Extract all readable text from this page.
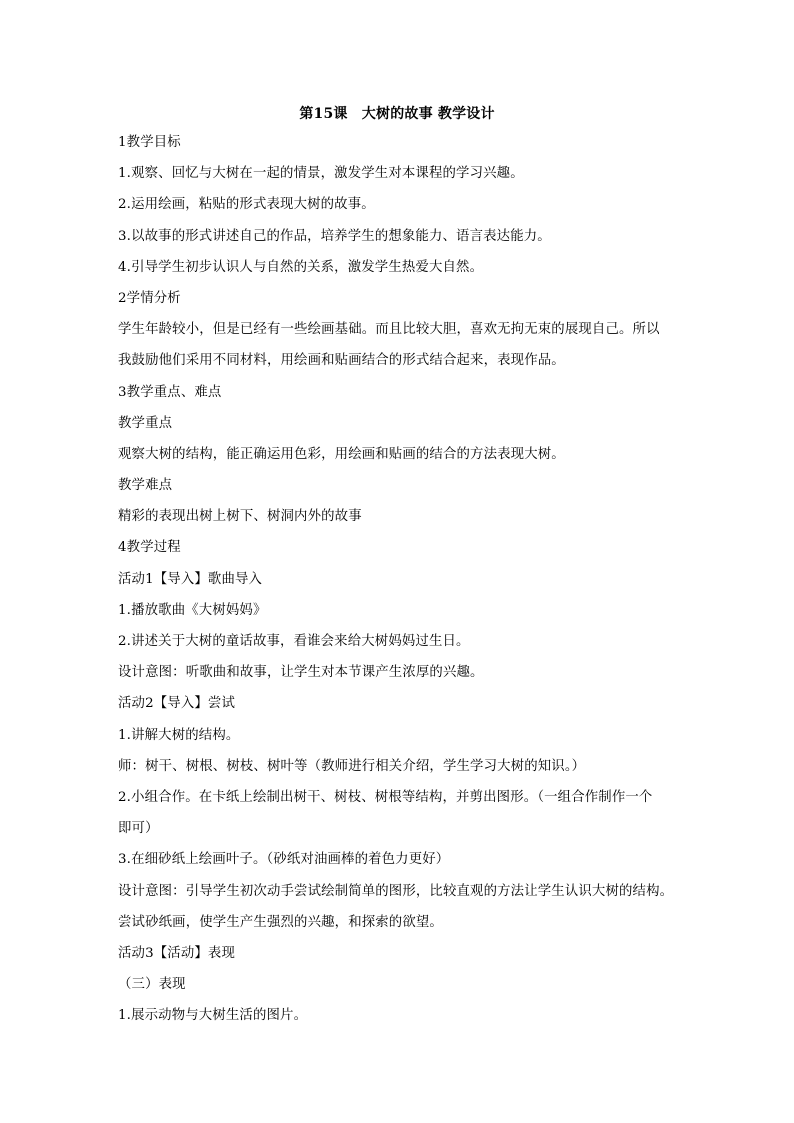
第15课　大树的故事 教学设计
1教学目标
1.观察、回忆与大树在一起的情景，激发学生对本课程的学习兴趣。
2.运用绘画，粘贴的形式表现大树的故事。
3.以故事的形式讲述自己的作品，培养学生的想象能力、语言表达能力。
4.引导学生初步认识人与自然的关系，激发学生热爱大自然。
2学情分析
学生年龄较小，但是已经有一些绘画基础。而且比较大胆，喜欢无拘无束的展现自己。所以
我鼓励他们采用不同材料，用绘画和贴画结合的形式结合起来，表现作品。
3教学重点、难点
教学重点
观察大树的结构，能正确运用色彩，用绘画和贴画的结合的方法表现大树。
教学难点
精彩的表现出树上树下、树洞内外的故事
4教学过程
活动1【导入】歌曲导入
1.播放歌曲《大树妈妈》
2.讲述关于大树的童话故事，看谁会来给大树妈妈过生日。
设计意图：听歌曲和故事，让学生对本节课产生浓厚的兴趣。
活动2【导入】尝试
1.讲解大树的结构。
师：树干、树根、树枝、树叶等（教师进行相关介绍，学生学习大树的知识。）
2.小组合作。在卡纸上绘制出树干、树枝、树根等结构，并剪出图形。（一组合作制作一个
即可）
3.在细砂纸上绘画叶子。（砂纸对油画棒的着色力更好）
设计意图：引导学生初次动手尝试绘制简单的图形，比较直观的方法让学生认识大树的结构。
尝试砂纸画，使学生产生强烈的兴趣，和探索的欲望。
活动3【活动】表现
（三）表现
1.展示动物与大树生活的图片。
